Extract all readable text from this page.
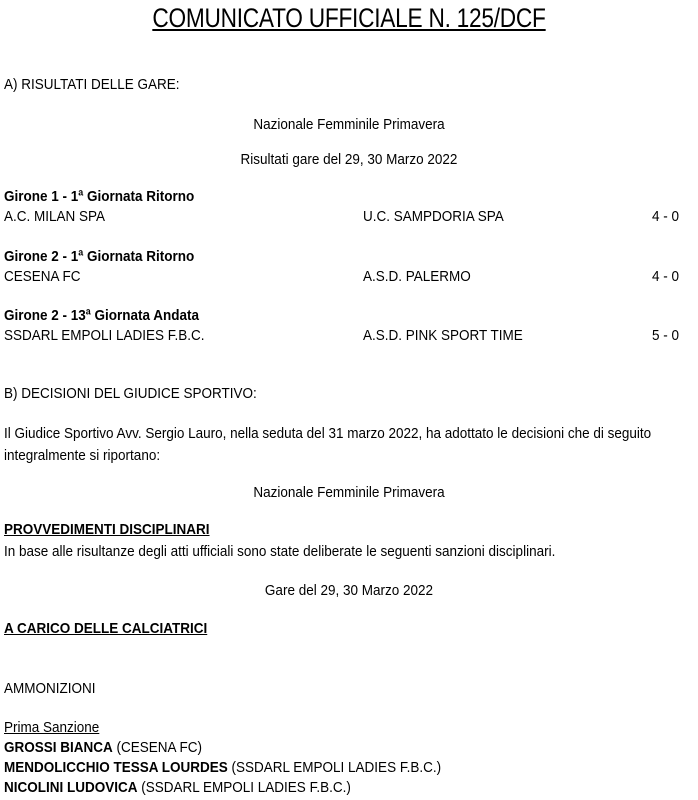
COMUNICATO UFFICIALE N. 125/DCF
A) RISULTATI DELLE GARE:
Nazionale Femminile Primavera
Risultati gare del 29, 30 Marzo 2022
Girone 1 - 1ª Giornata Ritorno
A.C. MILAN SPA	U.C. SAMPDORIA SPA	4 - 0
Girone 2 - 1ª Giornata Ritorno
CESENA FC	A.S.D. PALERMO	4 - 0
Girone 2 - 13ª Giornata Andata
SSDARL EMPOLI LADIES F.B.C.	A.S.D. PINK SPORT TIME	5 - 0
B) DECISIONI DEL GIUDICE SPORTIVO:
Il Giudice Sportivo Avv. Sergio Lauro, nella seduta del 31 marzo 2022, ha adottato le decisioni che di seguito integralmente si riportano:
Nazionale Femminile Primavera
PROVVEDIMENTI DISCIPLINARI
In base alle risultanze degli atti ufficiali sono state deliberate le seguenti sanzioni disciplinari.
Gare del 29, 30 Marzo 2022
A CARICO DELLE CALCIATRICI
AMMONIZIONI
Prima Sanzione
GROSSI BIANCA (CESENA FC)
MENDOLICCHIO TESSA LOURDES (SSDARL EMPOLI LADIES F.B.C.)
NICOLINI LUDOVICA (SSDARL EMPOLI LADIES F.B.C.)
